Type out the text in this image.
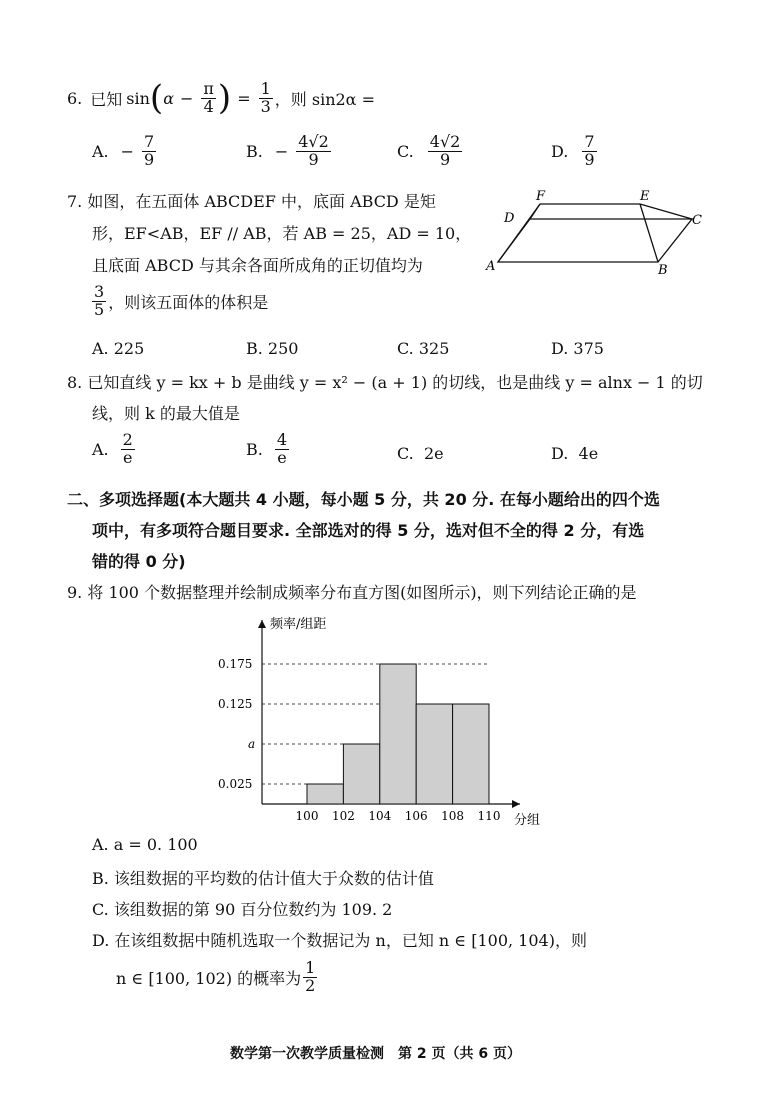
6. 已知 sin ( $\alpha - \frac{\pi}{4}$ ) = $\frac{1}{3}$ ，则 sin2α =
A. − $\frac{7}{9}$	B. − $\frac{4√2}{9}$	C. $\frac{4√2}{9}$	D. $\frac{7}{9}$
7. 如图，在五面体 ABCDEF 中，底面 ABCD 是矩
形，EF<AB，EF // AB，若 AB = 25，AD = 10，
且底面 ABCD 与其余各面所成角的正切值均为
$\frac{3}{5}$ ，则该五面体的体积是
F	E
D	C
A	B
A. 225	B. 250	C. 325	D. 375
8. 已知直线 y = kx + b 是曲线 y = x² − (a + 1) 的切线，也是曲线 y = alnx − 1 的切
线，则 k 的最大值是
A. $\frac{2}{e}$	B. $\frac{4}{e}$	C. 2e	D. 4e
二、多项选择题(本大题共 4 小题，每小题 5 分，共 20 分. 在每小题给出的四个选
项中，有多项符合题目要求. 全部选对的得 5 分，选对但不全的得 2 分，有选
错的得 0 分)
9. 将 100 个数据整理并绘制成频率分布直方图(如图所示)，则下列结论正确的是
频率/组距
分组
0.025
a
0.125
0.175
100 102 104 106 108 110
A. a = 0. 100
B. 该组数据的平均数的估计值大于众数的估计值
C. 该组数据的第 90 百分位数约为 109. 2
D. 在该组数据中随机选取一个数据记为 n，已知 n ∈ [100, 104)，则
n ∈ [100, 102) 的概率为 $\frac{1}{2}$
数学第一次教学质量检测　第 2 页（共 6 页）
